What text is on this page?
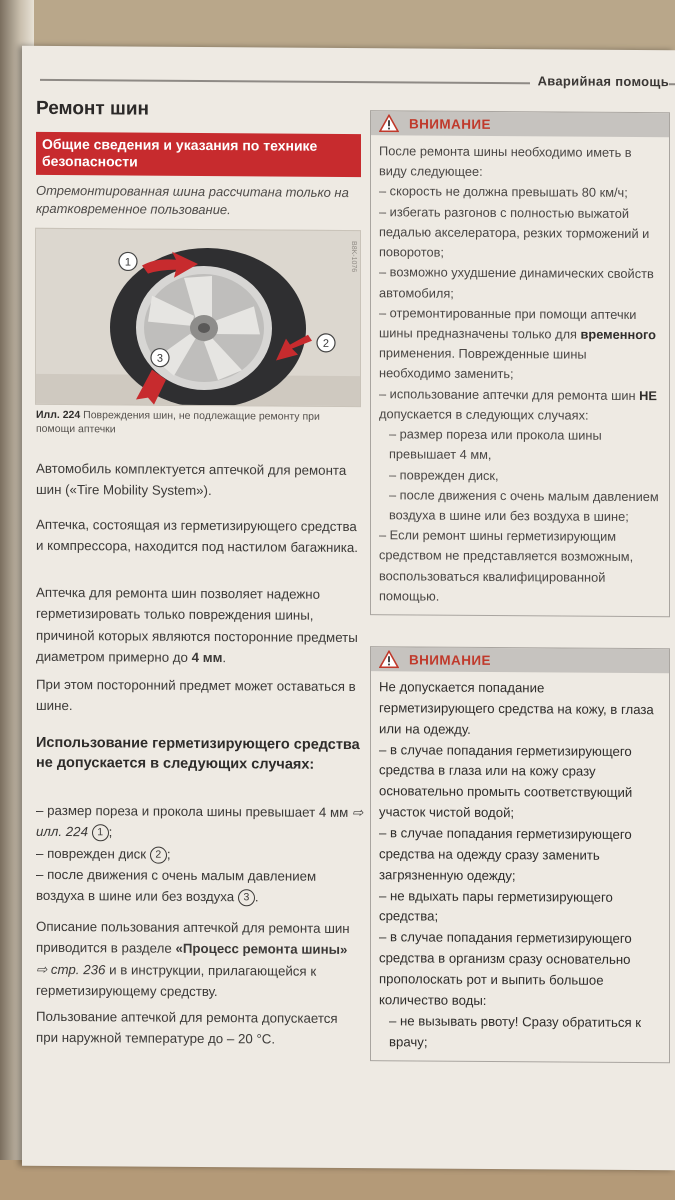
Аварийная помощь
Ремонт шин
Общие сведения и указания по технике безопасности
Отремонтированная шина рассчитана только на кратковременное пользование.
1
2
3
B8K-1076
Илл. 224 Повреждения шин, не подлежащие ремонту при помощи аптечки
Автомобиль комплектуется аптечкой для ремонта шин («Tire Mobility System»).
Аптечка, состоящая из герметизирующего средства и компрессора, находится под настилом багажника.
Аптечка для ремонта шин позволяет надежно герметизировать только повреждения шины, причиной которых являются посторонние предметы диаметром примерно до 4 мм.
При этом посторонний предмет может оставаться в шине.
Использование герметизирующего средства не допускается в следующих случаях:
– размер пореза и прокола шины превышает 4 мм ⇨ илл. 224 1 ;
– поврежден диск 2 ;
– после движения с очень малым давлением воздуха в шине или без воздуха 3 .
Описание пользования аптечкой для ремонта шин приводится в разделе «Процесс ремонта шины» ⇨ стр. 236 и в инструкции, прилагающейся к герметизирующему средству.
Пользование аптечкой для ремонта допускается при наружной температуре до – 20 °C.
ВНИМАНИЕ

После ремонта шины необходимо иметь в виду следующее:

– скорость не должна превышать 80 км/ч;

– избегать разгонов с полностью выжатой педалью акселератора, резких торможений и поворотов;

– возможно ухудшение динамических свойств автомобиля;

– отремонтированные при помощи аптечки шины предназначены только для временного применения. Поврежденные шины необходимо заменить;

– использование аптечки для ремонта шин НЕ допускается в следующих случаях:

– размер пореза или прокола шины превышает 4 мм,

– поврежден диск,

– после движения с очень малым давлением воздуха в шине или без воздуха в шине;

– Если ремонт шины герметизирующим средством не представляется возможным, воспользоваться квалифицированной помощью.

ВНИМАНИЕ

Не допускается попадание герметизирующего средства на кожу, в глаза или на одежду.

– в случае попадания герметизирующего средства в глаза или на кожу сразу основательно промыть соответствующий участок чистой водой;

– в случае попадания герметизирующего средства на одежду сразу заменить загрязненную одежду;

– не вдыхать пары герметизирующего средства;

– в случае попадания герметизирующего средства в организм сразу основательно прополоскать рот и выпить большое количество воды:

– не вызывать рвоту! Сразу обратиться к врачу;
